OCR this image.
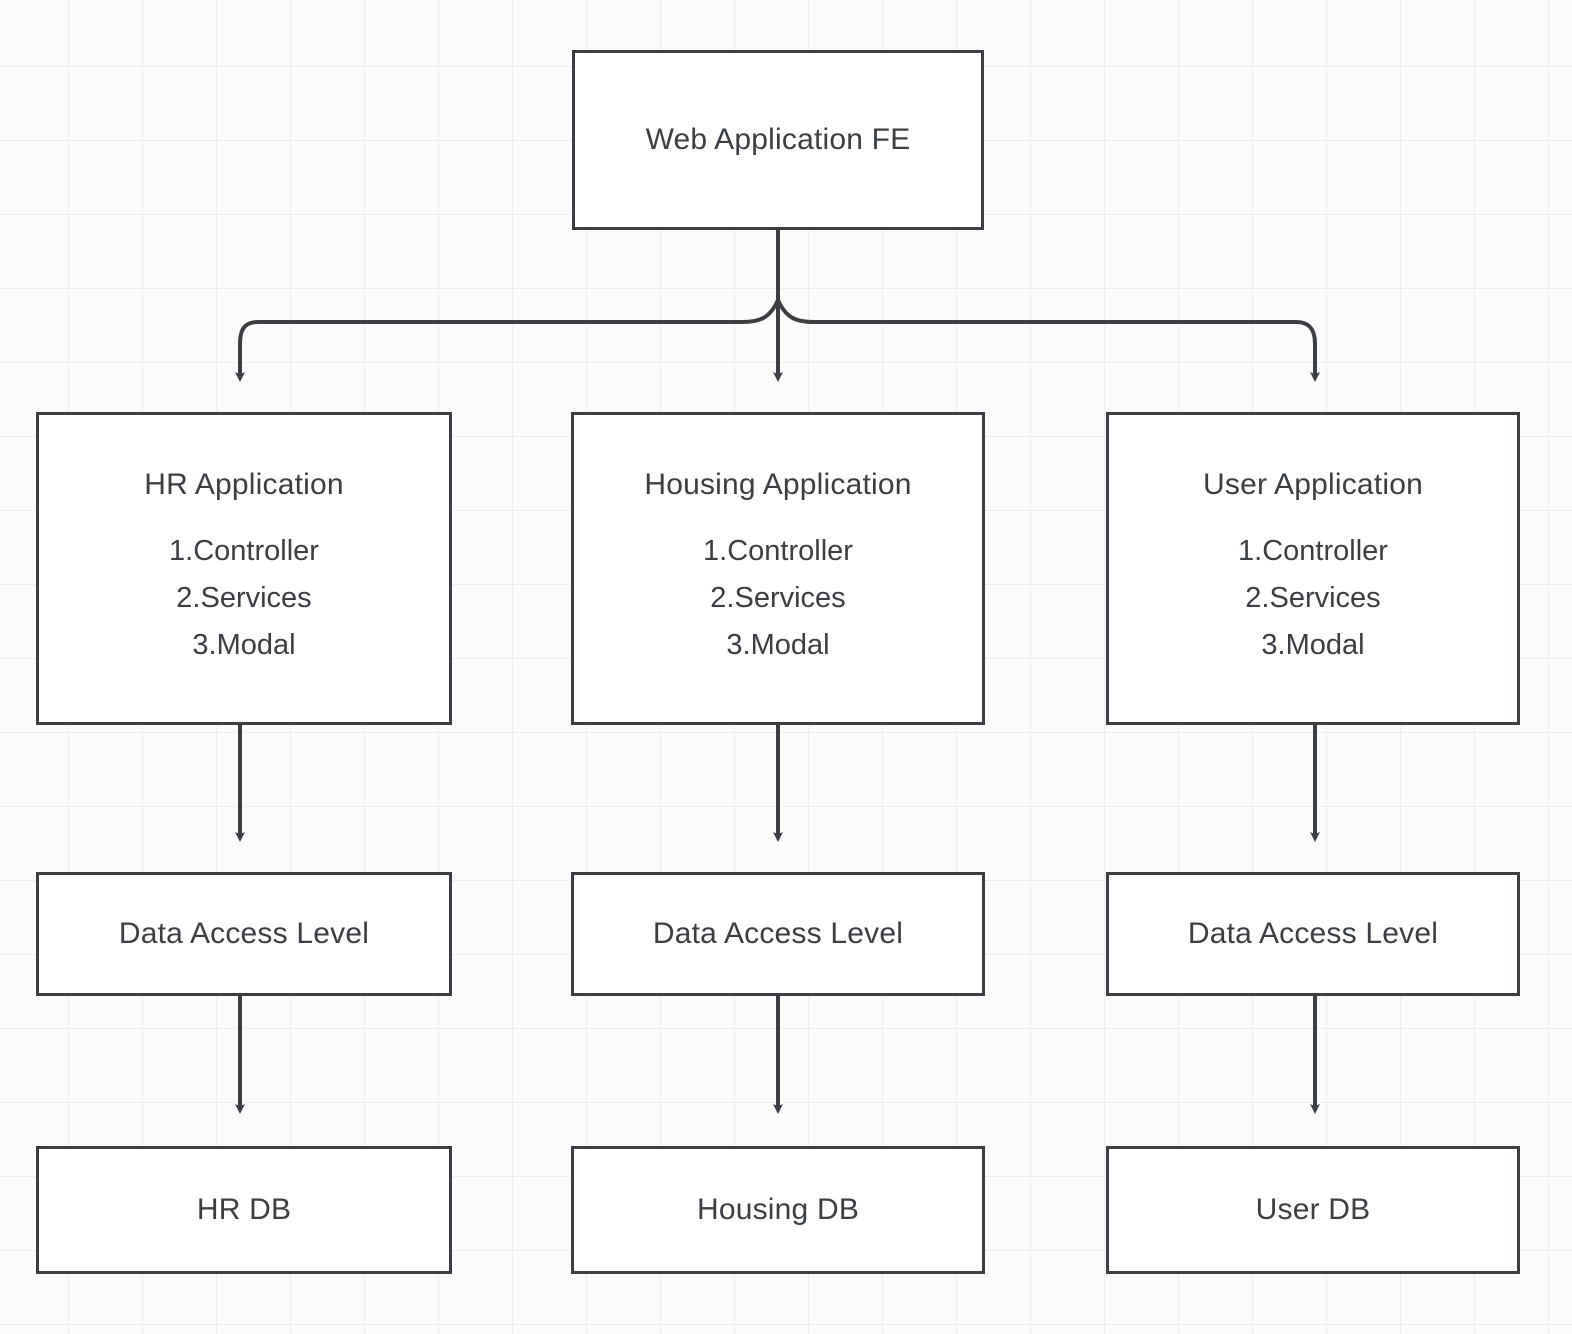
Web Application FE
HR Application
1.Controller
2.Services
3.Modal
Housing Application
1.Controller
2.Services
3.Modal
User Application
1.Controller
2.Services
3.Modal
Data Access Level	Data Access Level	Data Access Level
HR DB	Housing DB	User DB
